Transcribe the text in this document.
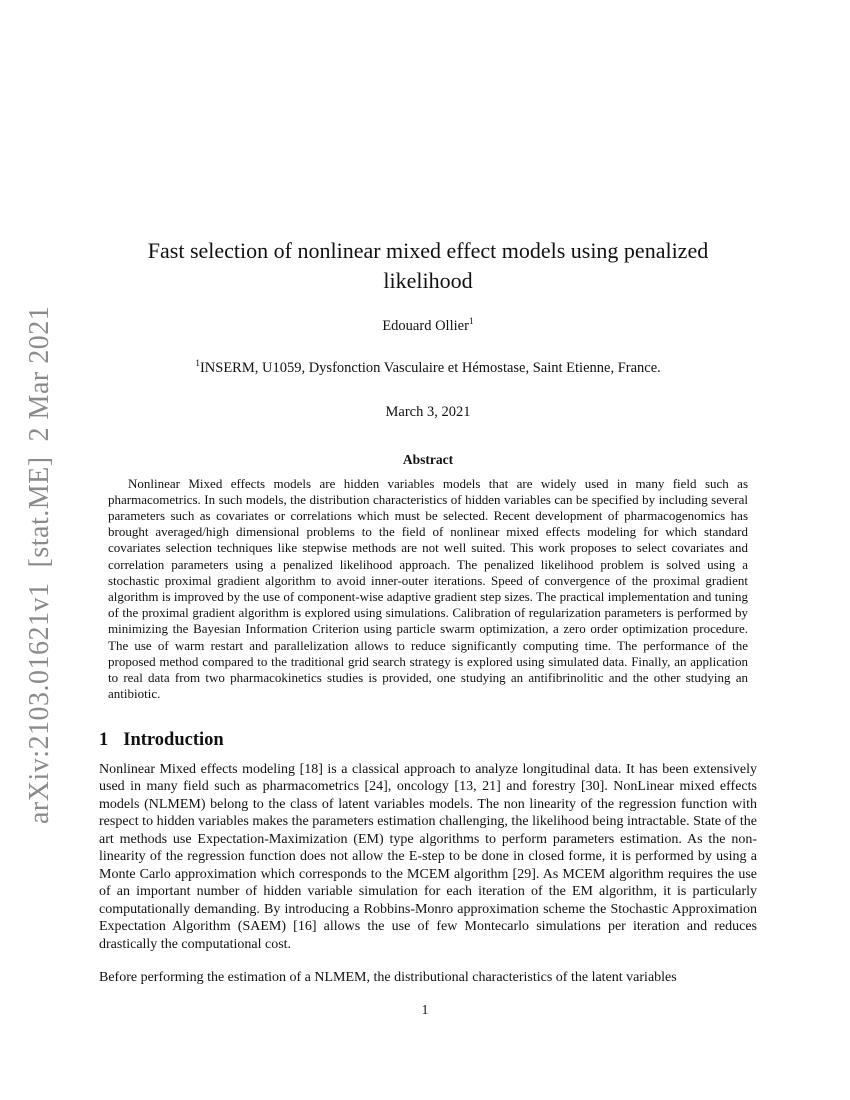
arXiv:2103.01621v1  [stat.ME]  2 Mar 2021
Fast selection of nonlinear mixed effect models using penalized likelihood
Edouard Ollier$^1$
$^1$INSERM, U1059, Dysfonction Vasculaire et Hémostase, Saint Etienne, France.
March 3, 2021
Abstract

Nonlinear Mixed effects models are hidden variables models that are widely used in many field such as pharmacometrics. In such models, the distribution characteristics of hidden variables can be specified by including several parameters such as covariates or correlations which must be selected. Recent development of pharmacogenomics has brought averaged/high dimensional problems to the field of nonlinear mixed effects modeling for which standard covariates selection techniques like stepwise methods are not well suited. This work proposes to select covariates and correlation parameters using a penalized likelihood approach. The penalized likelihood problem is solved using a stochastic proximal gradient algorithm to avoid inner-outer iterations. Speed of convergence of the proximal gradient algorithm is improved by the use of component-wise adaptive gradient step sizes. The practical implementation and tuning of the proximal gradient algorithm is explored using simulations. Calibration of regularization parameters is performed by minimizing the Bayesian Information Criterion using particle swarm optimization, a zero order optimization procedure. The use of warm restart and parallelization allows to reduce significantly computing time. The performance of the proposed method compared to the traditional grid search strategy is explored using simulated data. Finally, an application to real data from two pharmacokinetics studies is provided, one studying an antifibrinolitic and the other studying an antibiotic.

1 Introduction

Nonlinear Mixed effects modeling [18] is a classical approach to analyze longitudinal data. It has been extensively used in many field such as pharmacometrics [24], oncology [13, 21] and forestry [30]. NonLinear mixed effects models (NLMEM) belong to the class of latent variables models. The non linearity of the regression function with respect to hidden variables makes the parameters estimation challenging, the likelihood being intractable. State of the art methods use Expectation-Maximization (EM) type algorithms to perform parameters estimation. As the non-linearity of the regression function does not allow the E-step to be done in closed forme, it is performed by using a Monte Carlo approximation which corresponds to the MCEM algorithm [29]. As MCEM algorithm requires the use of an important number of hidden variable simulation for each iteration of the EM algorithm, it is particularly computationally demanding. By introducing a Robbins-Monro approximation scheme the Stochastic Approximation Expectation Algorithm (SAEM) [16] allows the use of few Montecarlo simulations per iteration and reduces drastically the computational cost.

Before performing the estimation of a NLMEM, the distributional characteristics of the latent variables

1
